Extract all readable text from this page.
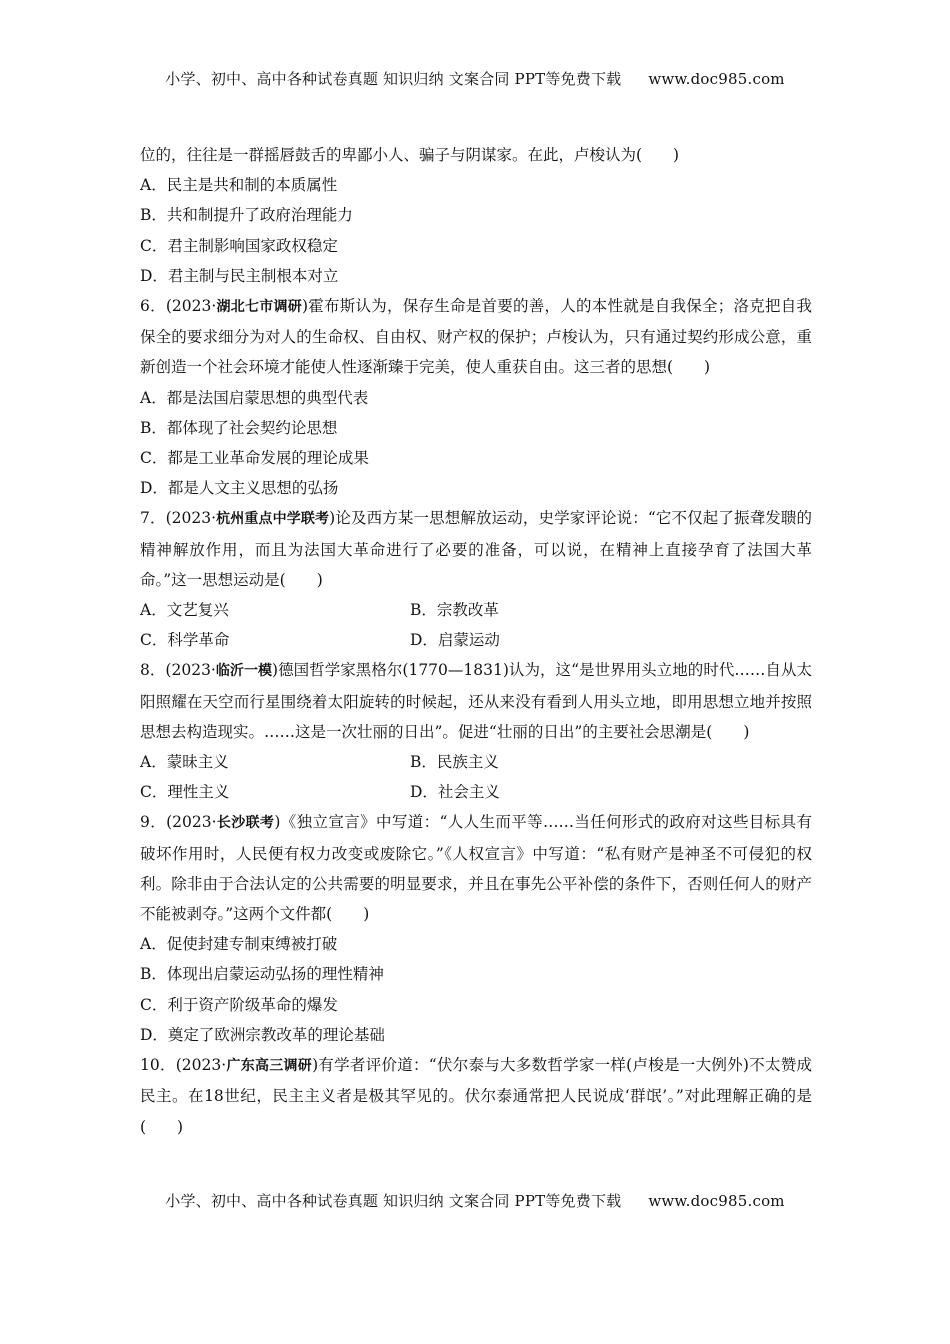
小学、初中、高中各种试卷真题 知识归纳 文案合同 PPT等免费下载 www.doc985.com

位的，往往是一群摇唇鼓舌的卑鄙小人、骗子与阴谋家。在此，卢梭认为(　　)

A．民主是共和制的本质属性

B．共和制提升了政府治理能力

C．君主制影响国家政权稳定

D．君主制与民主制根本对立

6．(2023·湖北七市调研)霍布斯认为，保存生命是首要的善，人的本性就是自我保全；洛克把自我保全的要求细分为对人的生命权、自由权、财产权的保护；卢梭认为，只有通过契约形成公意，重新创造一个社会环境才能使人性逐渐臻于完美，使人重获自由。这三者的思想(　　)

A．都是法国启蒙思想的典型代表

B．都体现了社会契约论思想

C．都是工业革命发展的理论成果

D．都是人文主义思想的弘扬

7．(2023·杭州重点中学联考)论及西方某一思想解放运动，史学家评论说：“它不仅起了振聋发聩的精神解放作用，而且为法国大革命进行了必要的准备，可以说，在精神上直接孕育了法国大革命。”这一思想运动是(　　)

A．文艺复兴	B．宗教改革

C．科学革命	D．启蒙运动

8．(2023·临沂一模)德国哲学家黑格尔(1770—1831)认为，这“是世界用头立地的时代……自从太阳照耀在天空而行星围绕着太阳旋转的时候起，还从来没有看到人用头立地，即用思想立地并按照思想去构造现实。……这是一次壮丽的日出”。促进“壮丽的日出”的主要社会思潮是(　　)

A．蒙昧主义	B．民族主义

C．理性主义	D．社会主义

9．(2023·长沙联考)《独立宣言》中写道：“人人生而平等……当任何形式的政府对这些目标具有破坏作用时，人民便有权力改变或废除它。”《人权宣言》中写道：“私有财产是神圣不可侵犯的权利。除非由于合法认定的公共需要的明显要求，并且在事先公平补偿的条件下，否则任何人的财产不能被剥夺。”这两个文件都(　　)

A．促使封建专制束缚被打破

B．体现出启蒙运动弘扬的理性精神

C．利于资产阶级革命的爆发

D．奠定了欧洲宗教改革的理论基础

10．(2023·广东高三调研)有学者评价道：“伏尔泰与大多数哲学家一样(卢梭是一大例外)不太赞成民主。在18世纪，民主主义者是极其罕见的。伏尔泰通常把人民说成‘群氓’。”对此理解正确的是(　　)

小学、初中、高中各种试卷真题 知识归纳 文案合同 PPT等免费下载 www.doc985.com
